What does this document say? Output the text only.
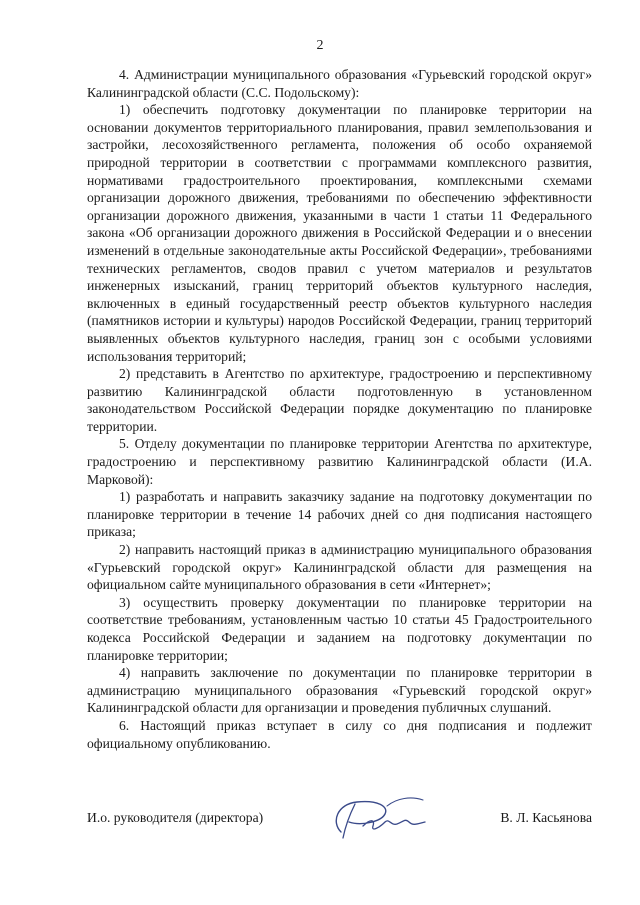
2

4. Администрации муниципального образования «Гурьевский городской округ» Калининградской области (С.С. Подольскому):

1) обеспечить подготовку документации по планировке территории на основании документов территориального планирования, правил землепользования и застройки, лесохозяйственного регламента, положения об особо охраняемой природной территории в соответствии с программами комплексного развития, нормативами градостроительного проектирования, комплексными схемами организации дорожного движения, требованиями по обеспечению эффективности организации дорожного движения, указанными в части 1 статьи 11 Федерального закона «Об организации дорожного движения в Российской Федерации и о внесении изменений в отдельные законодательные акты Российской Федерации», требованиями технических регламентов, сводов правил с учетом материалов и результатов инженерных изысканий, границ территорий объектов культурного наследия, включенных в единый государственный реестр объектов культурного наследия (памятников истории и культуры) народов Российской Федерации, границ территорий выявленных объектов культурного наследия, границ зон с особыми условиями использования территорий;

2) представить в Агентство по архитектуре, градостроению и перспективному развитию Калининградской области подготовленную в установленном законодательством Российской Федерации порядке документацию по планировке территории.

5. Отделу документации по планировке территории Агентства по архитектуре, градостроению и перспективному развитию Калининградской области (И.А. Марковой):

1) разработать и направить заказчику задание на подготовку документации по планировке территории в течение 14 рабочих дней со дня подписания настоящего приказа;

2) направить настоящий приказ в администрацию муниципального образования «Гурьевский городской округ» Калининградской области для размещения на официальном сайте муниципального образования в сети «Интернет»;

3) осуществить проверку документации по планировке территории на соответствие требованиям, установленным частью 10 статьи 45 Градостроительного кодекса Российской Федерации и заданием на подготовку документации по планировке территории;

4) направить заключение по документации по планировке территории в администрацию муниципального образования «Гурьевский городской округ» Калининградской области для организации и проведения публичных слушаний.

6. Настоящий приказ вступает в силу со дня подписания и подлежит официальному опубликованию.

И.о. руководителя (директора)	В. Л. Касьянова
